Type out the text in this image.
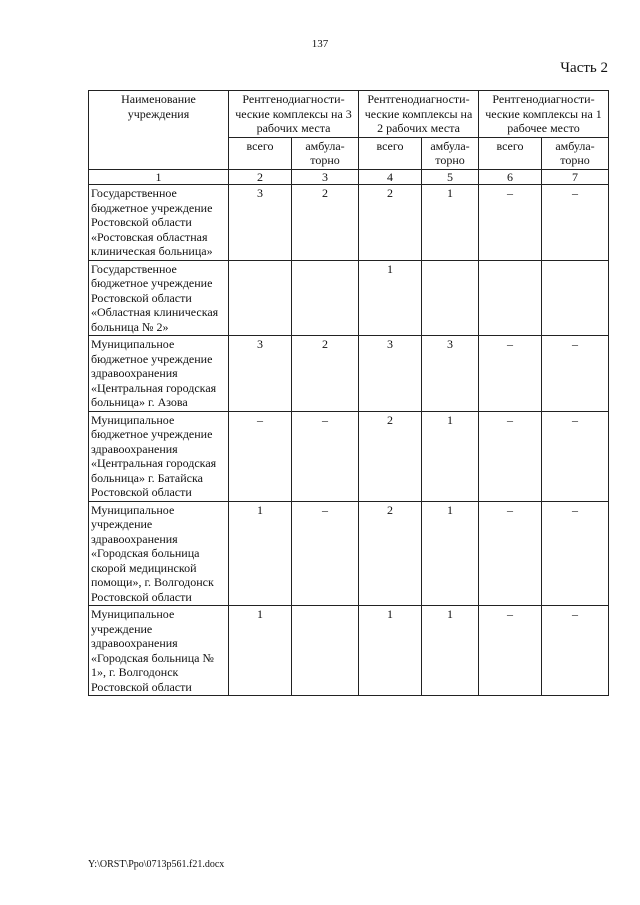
137
Часть 2
Наименование учреждения	Рентгенодиагности-ческие комплексы на 3 рабочих места		Рентгенодиагности-ческие комплексы на 2 рабочих места		Рентгенодиагности-ческие комплексы на 1 рабочее место	
	всего	амбула-торно	всего	амбула-торно	всего	амбула-торно
1	2	3	4	5	6	7
Государственное бюджетное учреждение Ростовской области «Ростовская областная клиническая больница»	3	2	2	1	–	–
Государственное бюджетное учреждение Ростовской области «Областная клиническая больница № 2»			1			
Муниципальное бюджетное учреждение здравоохранения «Центральная городская больница» г. Азова	3	2	3	3	–	–
Муниципальное бюджетное учреждение здравоохранения «Центральная городская больница» г. Батайска Ростовской области	–	–	2	1	–	–
Муниципальное учреждение здравоохранения «Городская больница скорой медицинской помощи», г. Волгодонск Ростовской области	1	–	2	1	–	–
Муниципальное учреждение здравоохранения «Городская больница № 1», г. Волгодонск Ростовской области	1		1	1	–	–
Y:\ORST\Ppo\0713p561.f21.docx
